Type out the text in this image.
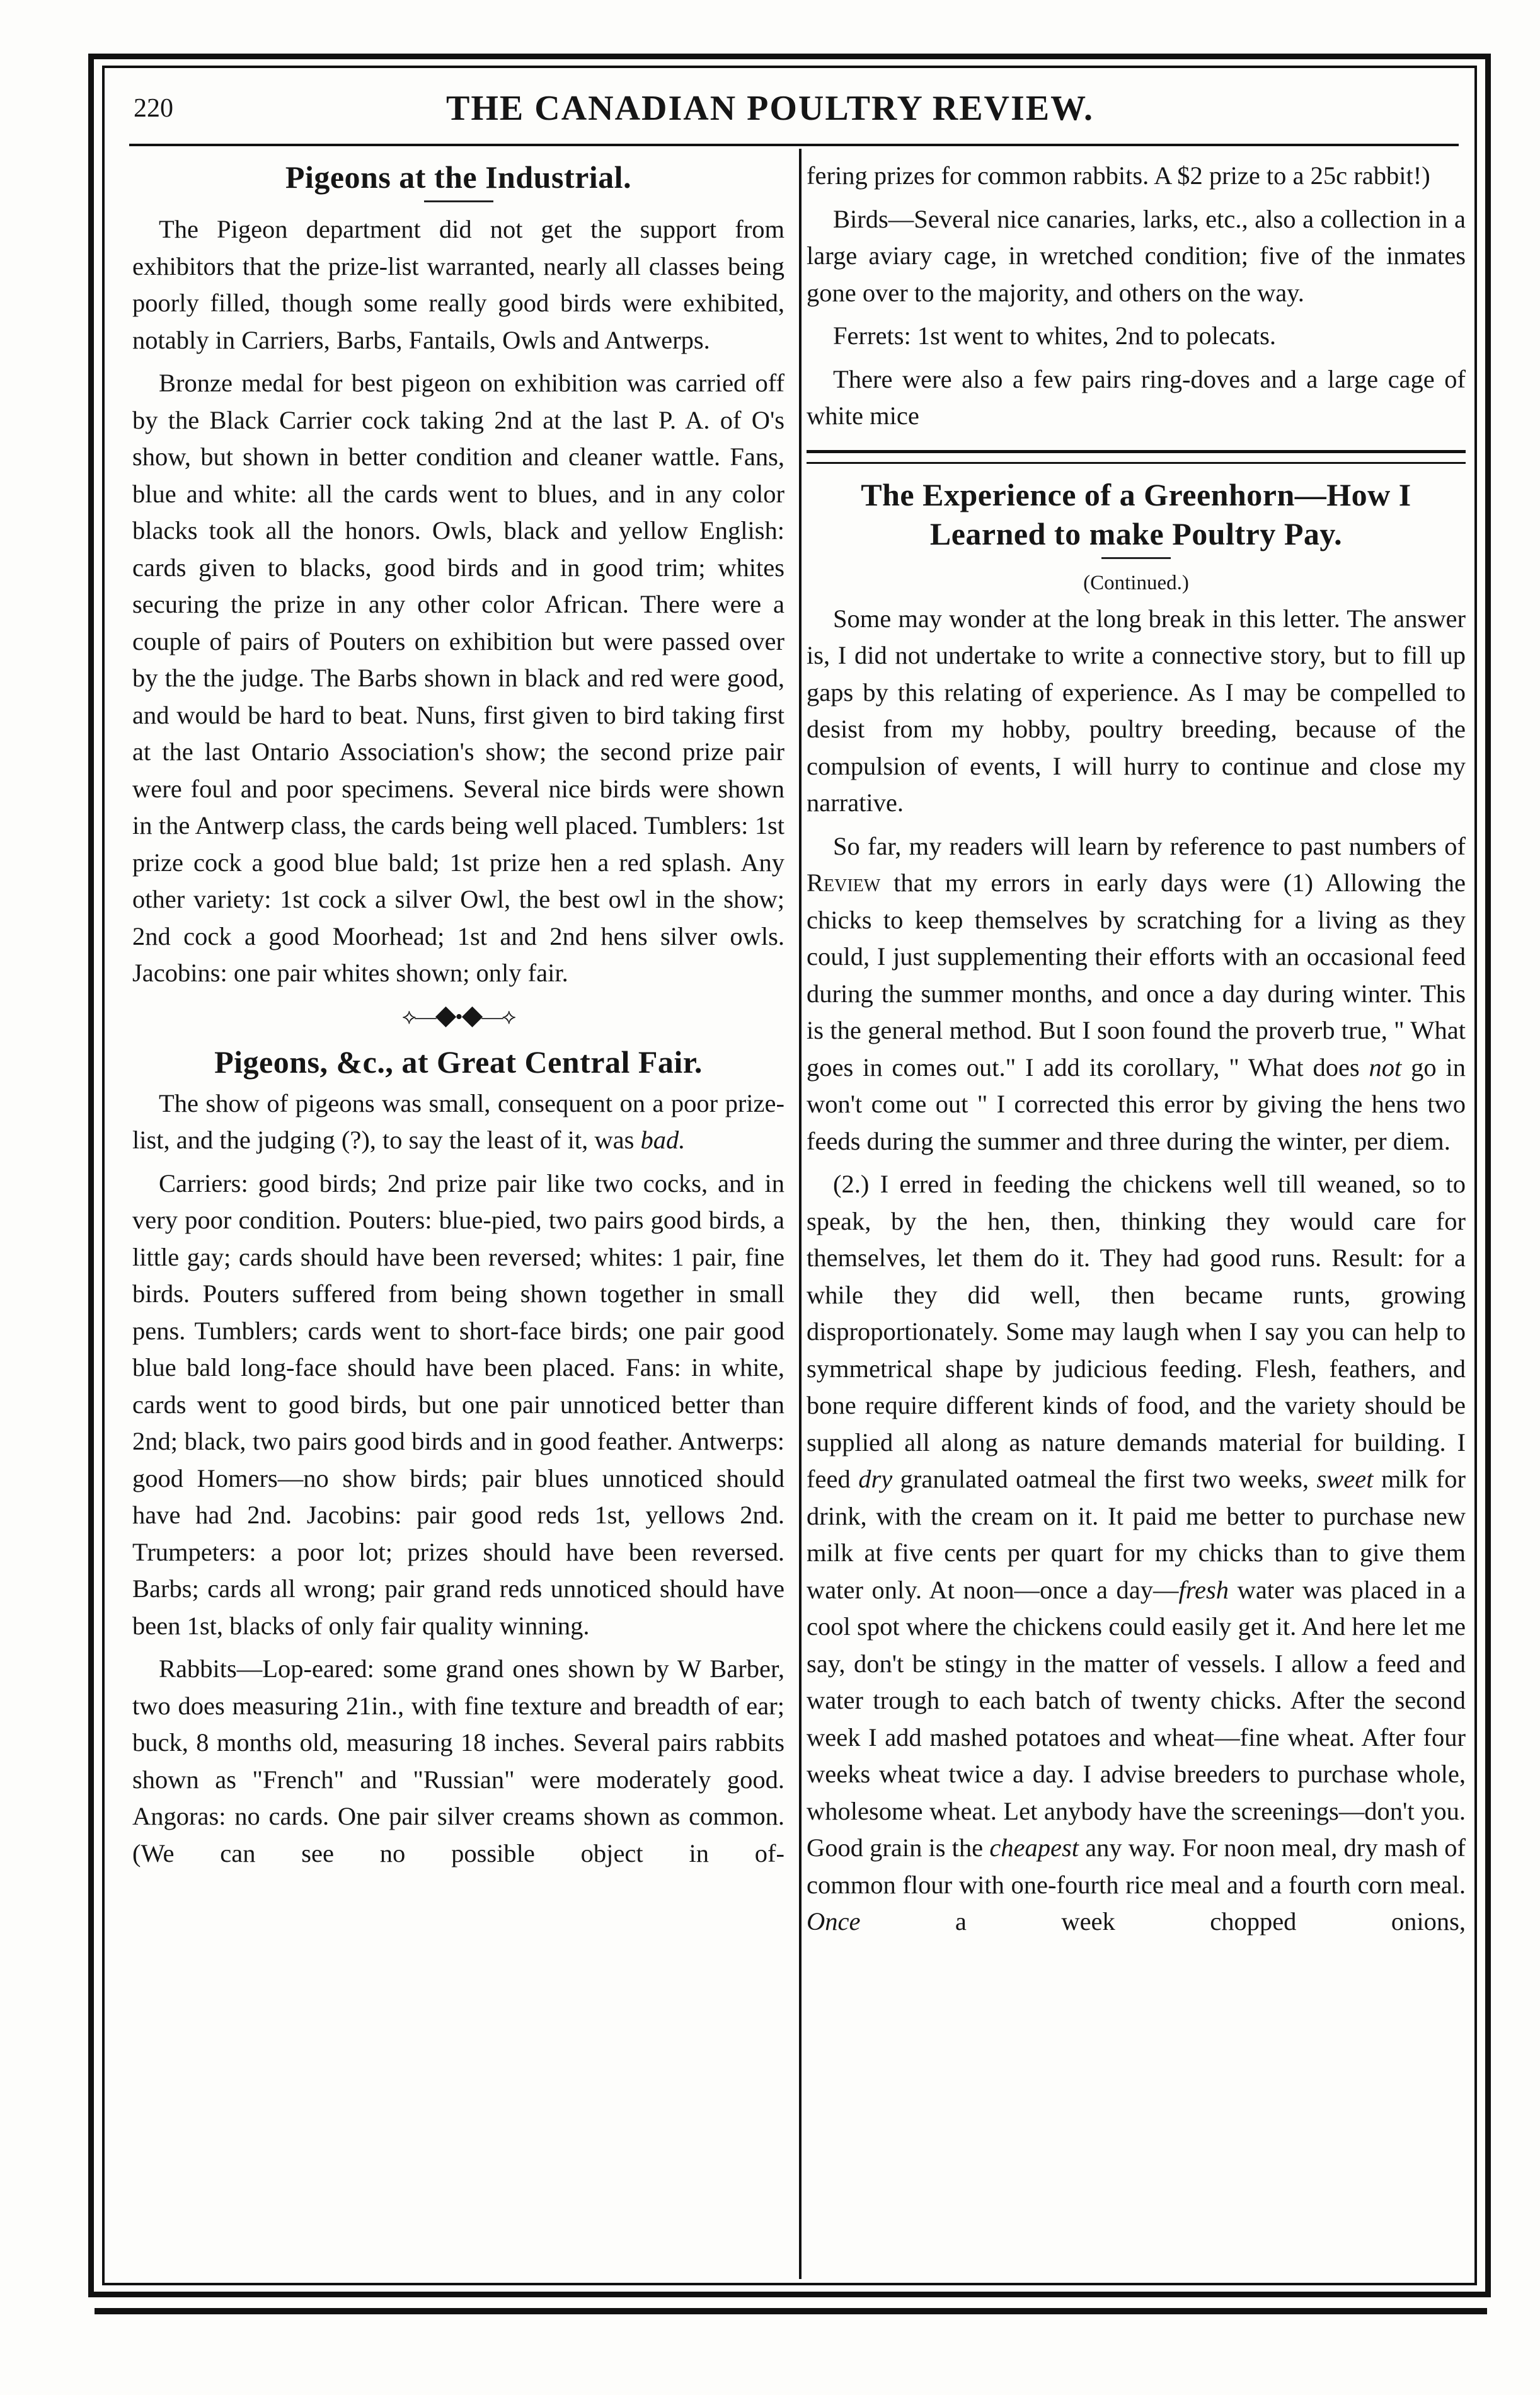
220	THE CANADIAN POULTRY REVIEW.
Pigeons at the Industrial.

The Pigeon department did not get the support from exhibitors that the prize-list warranted, nearly all classes being poorly filled, though some really good birds were exhibited, notably in Carriers, Barbs, Fantails, Owls and Antwerps.

Bronze medal for best pigeon on exhibition was carried off by the Black Carrier cock taking 2nd at the last P. A. of O's show, but shown in better condition and cleaner wattle. Fans, blue and white: all the cards went to blues, and in any color blacks took all the honors. Owls, black and yellow English: cards given to blacks, good birds and in good trim; whites securing the prize in any other color African. There were a couple of pairs of Pouters on exhibition but were passed over by the the judge. The Barbs shown in black and red were good, and would be hard to beat. Nuns, first given to bird taking first at the last Ontario Association's show; the second prize pair were foul and poor specimens. Several nice birds were shown in the Antwerp class, the cards being well placed. Tumblers: 1st prize cock a good blue bald; 1st prize hen a red splash. Any other variety: 1st cock a silver Owl, the best owl in the show; 2nd cock a good Moorhead; 1st and 2nd hens silver owls. Jacobins: one pair whites shown; only fair.

⟡—◆•◆—⟡
Pigeons, &c., at Great Central Fair.

The show of pigeons was small, consequent on a poor prize-list, and the judging (?), to say the least of it, was bad.

Carriers: good birds; 2nd prize pair like two cocks, and in very poor condition. Pouters: blue-pied, two pairs good birds, a little gay; cards should have been reversed; whites: 1 pair, fine birds. Pouters suffered from being shown together in small pens. Tumblers; cards went to short-face birds; one pair good blue bald long-face should have been placed. Fans: in white, cards went to good birds, but one pair unnoticed better than 2nd; black, two pairs good birds and in good feather. Antwerps: good Homers—no show birds; pair blues unnoticed should have had 2nd. Jacobins: pair good reds 1st, yellows 2nd. Trumpeters: a poor lot; prizes should have been reversed. Barbs; cards all wrong; pair grand reds unnoticed should have been 1st, blacks of only fair quality winning.

Rabbits—Lop-eared: some grand ones shown by W Barber, two does measuring 21in., with fine texture and breadth of ear; buck, 8 months old, measuring 18 inches. Several pairs rabbits shown as "French" and "Russian" were moderately good. Angoras: no cards. One pair silver creams shown as common. (We can see no possible object in of-

fering prizes for common rabbits. A $2 prize to a 25c rabbit!)

Birds—Several nice canaries, larks, etc., also a collection in a large aviary cage, in wretched condition; five of the inmates gone over to the majority, and others on the way.

Ferrets: 1st went to whites, 2nd to polecats.

There were also a few pairs ring-doves and a large cage of white mice

The Experience of a Greenhorn—How I
Learned to make Poultry Pay.
(Continued.)

Some may wonder at the long break in this letter. The answer is, I did not undertake to write a connective story, but to fill up gaps by this relating of experience. As I may be compelled to desist from my hobby, poultry breeding, because of the compulsion of events, I will hurry to continue and close my narrative.

So far, my readers will learn by reference to past numbers of Review that my errors in early days were (1) Allowing the chicks to keep themselves by scratching for a living as they could, I just supplementing their efforts with an occasional feed during the summer months, and once a day during winter. This is the general method. But I soon found the proverb true, " What goes in comes out." I add its corollary, " What does not go in won't come out " I corrected this error by giving the hens two feeds during the summer and three during the winter, per diem.

(2.) I erred in feeding the chickens well till weaned, so to speak, by the hen, then, thinking they would care for themselves, let them do it. They had good runs. Result: for a while they did well, then became runts, growing disproportionately. Some may laugh when I say you can help to symmetrical shape by judicious feeding. Flesh, feathers, and bone require different kinds of food, and the variety should be supplied all along as nature demands material for building. I feed dry granulated oatmeal the first two weeks, sweet milk for drink, with the cream on it. It paid me better to purchase new milk at five cents per quart for my chicks than to give them water only. At noon—once a day—fresh water was placed in a cool spot where the chickens could easily get it. And here let me say, don't be stingy in the matter of vessels. I allow a feed and water trough to each batch of twenty chicks. After the second week I add mashed potatoes and wheat—fine wheat. After four weeks wheat twice a day. I advise breeders to purchase whole, wholesome wheat. Let anybody have the screenings—don't you. Good grain is the cheapest any way. For noon meal, dry mash of common flour with one-fourth rice meal and a fourth corn meal. Once a week chopped onions,
